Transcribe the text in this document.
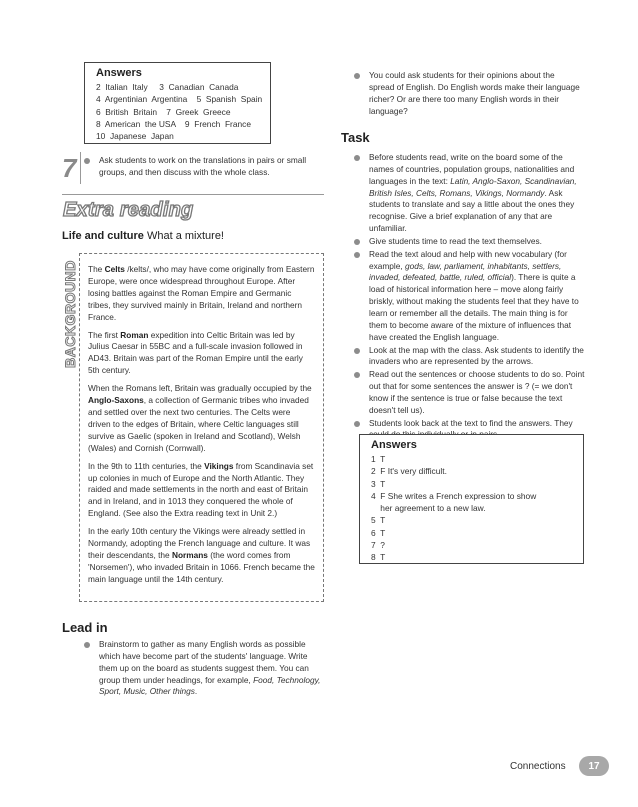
Answers
2  Italian  Italy     3  Canadian  Canada
4  Argentinian  Argentina    5  Spanish  Spain
6  British  Britain    7  Greek  Greece
8  American  the USA    9  French  France
10  Japanese  Japan
7	Ask students to work on the translations in pairs or small groups, and then discuss with the whole class.
Extra reading
Life and culture What a mixture!
BACKGROUND The Celts /kelts/, who may have come originally from Eastern Europe, were once widespread throughout Europe. After losing battles against the Roman Empire and Germanic tribes, they survived mainly in Britain, Ireland and northern France.

The first Roman expedition into Celtic Britain was led by Julius Caesar in 55BC and a full-scale invasion followed in AD43. Britain was part of the Roman Empire until the early 5th century.

When the Romans left, Britain was gradually occupied by the Anglo-Saxons, a collection of Germanic tribes who invaded and settled over the next two centuries. The Celts were driven to the edges of Britain, where Celtic languages still survive as Gaelic (spoken in Ireland and Scotland), Welsh (Wales) and Cornish (Cornwall).

In the 9th to 11th centuries, the Vikings from Scandinavia set up colonies in much of Europe and the North Atlantic. They raided and made settlements in the north and east of Britain and in Ireland, and in 1013 they conquered the whole of England. (See also the Extra reading text in Unit 2.)

In the early 10th century the Vikings were already settled in Normandy, adopting the French language and culture. It was their descendants, the Normans (the word comes from 'Norsemen'), who invaded Britain in 1066. French became the main language until the 14th century.

Lead in
Brainstorm to gather as many English words as possible which have become part of the students' language. Write them up on the board as students suggest them. You can group them under headings, for example, Food, Technology, Sport, Music, Other things.
You could ask students for their opinions about the spread of English. Do English words make their language richer? Or are there too many English words in their language?
Task
Before students read, write on the board some of the names of countries, population groups, nationalities and languages in the text: Latin, Anglo-Saxon, Scandinavian, British Isles, Celts, Romans, Vikings, Normandy. Ask students to translate and say a little about the ones they recognise. Give a brief explanation of any that are unfamiliar.
Give students time to read the text themselves.
Read the text aloud and help with new vocabulary (for example, gods, law, parliament, inhabitants, settlers, invaded, defeated, battle, ruled, official). There is quite a load of historical information here – move along fairly briskly, without making the students feel that they have to learn or remember all the details. The main thing is for them to become aware of the mixture of influences that have created the English language.
Look at the map with the class. Ask students to identify the invaders who are represented by the arrows.
Read out the sentences or choose students to do so. Point out that for some sentences the answer is ? (= we don't know if the sentence is true or false because the text doesn't tell us).
Students look back at the text to find the answers. They
Answers
1  T
2  F It's very difficult.
3  T
4  F She writes a French expression to show
her agreement to a new law.
5  T
6  T
7  ?
8  T
Connections 17
